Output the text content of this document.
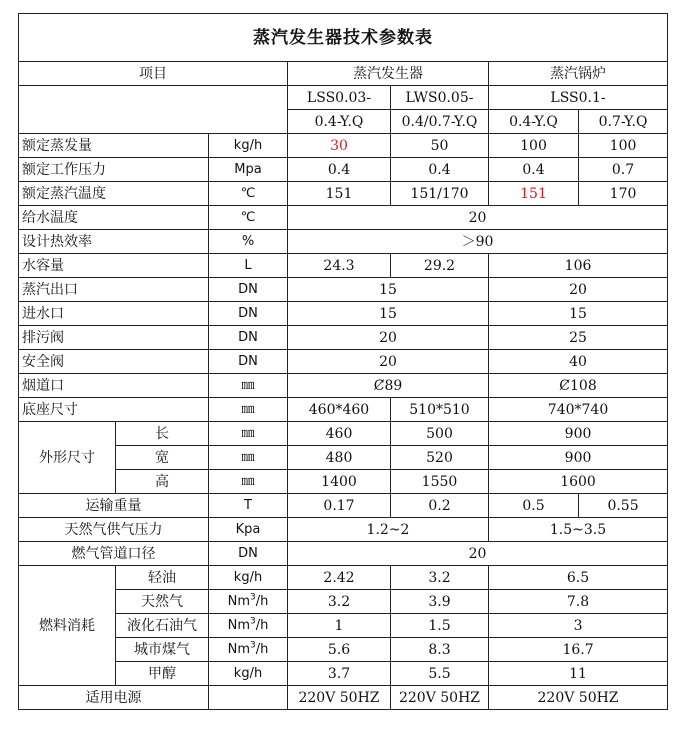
蒸汽发生器技术参数表						
项目			蒸汽发生器		蒸汽锅炉	
			LSS0.03-	LWS0.05-	LSS0.1-	
			0.4-Y.Q	0.4/0.7-Y.Q	0.4-Y.Q	0.7-Y.Q
额定蒸发量		kg/h	30	50	100	100
额定工作压力		Mpa	0.4	0.4	0.4	0.7
额定蒸汽温度		℃	151	151/170	151	170
给水温度		℃	20			
设计热效率		%	＞90			
水容量		L	24.3	29.2	106	
蒸汽出口		DN	15		20	
进水口		DN	15		15	
排污阀		DN	20		25	
安全阀		DN	20		40	
烟道口		㎜	Ȼ89		Ȼ108	
底座尺寸		㎜	460*460	510*510	740*740	
外形尺寸	长	㎜	460	500	900	
	宽	㎜	480	520	900	
	高	㎜	1400	1550	1600	
运输重量		T	0.17	0.2	0.5	0.55
天然气供气压力		Kpa	1.2~2		1.5~3.5	
燃气管道口径		DN	20			
燃料消耗	轻油	kg/h	2.42	3.2	6.5	
	天然气	Nm$^3$/h	3.2	3.9	7.8	
	液化石油气	Nm$^3$/h	1	1.5	3	
	城市煤气	Nm$^3$/h	5.6	8.3	16.7	
	甲醇	kg/h	3.7	5.5	11	
适用电源			220V 50HZ	220V 50HZ	220V 50HZ	
